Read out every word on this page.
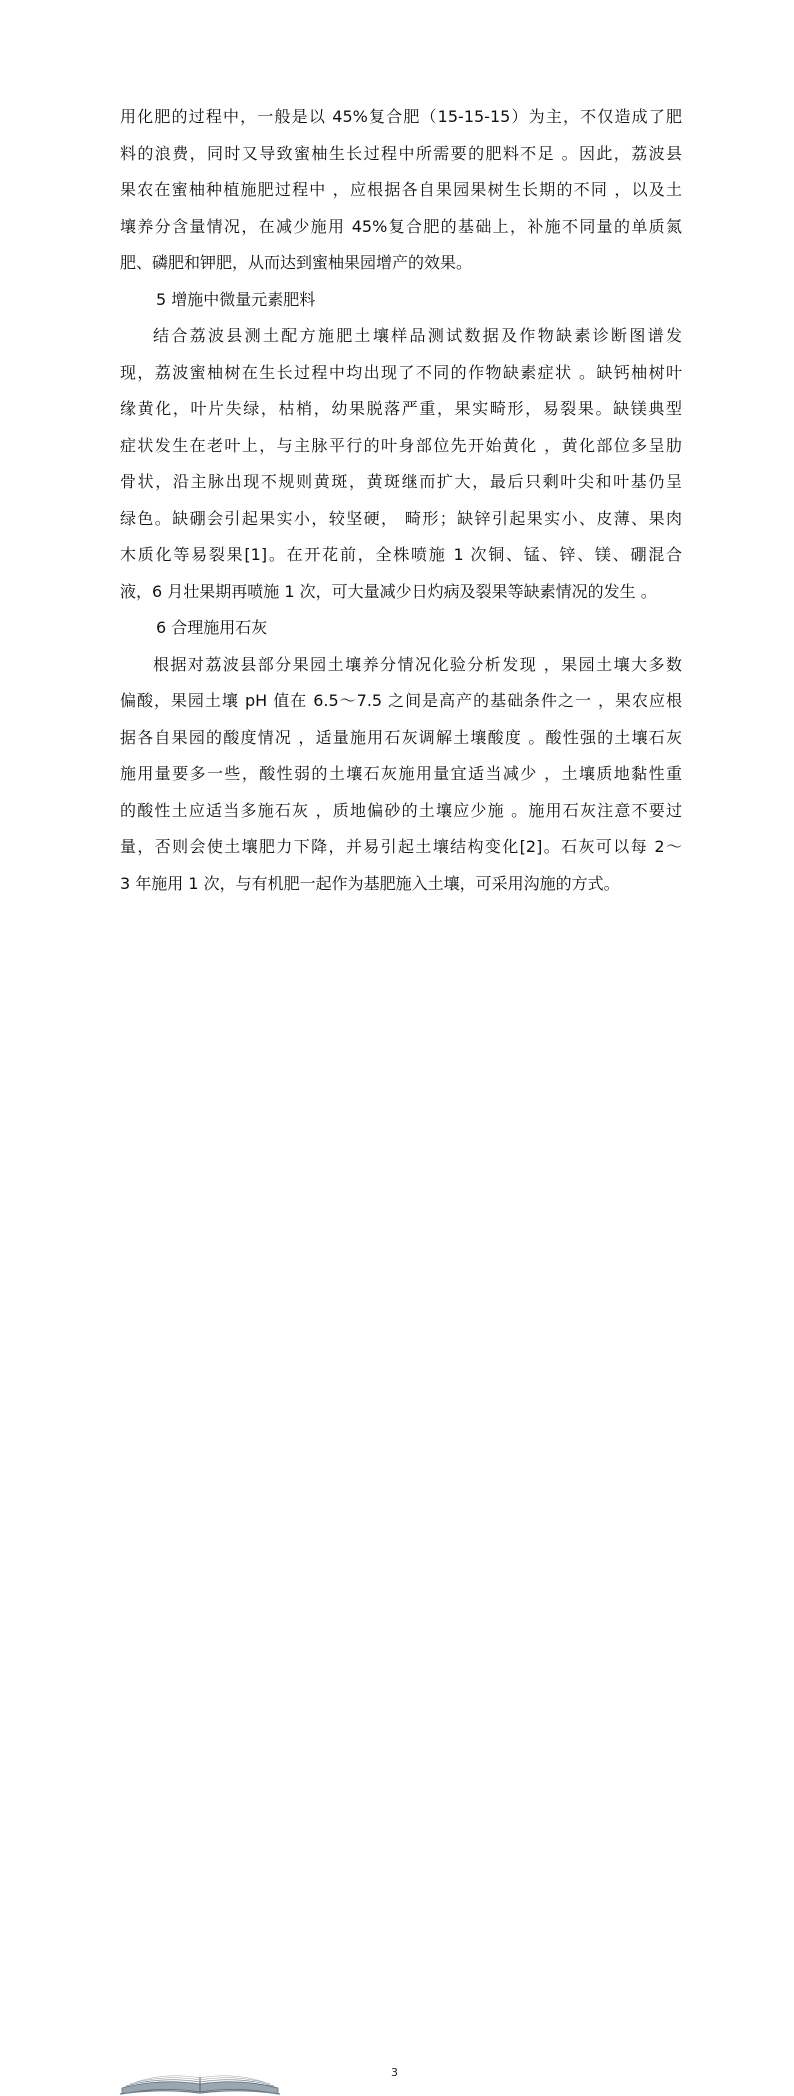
用化肥的过程中，一般是以 45%复合肥（15-15-15）为主，不仅造成了肥
料的浪费，同时又导致蜜柚生长过程中所需要的肥料不足 。因此，荔波县
果农在蜜柚种植施肥过程中 ，应根据各自果园果树生长期的不同 ，以及土
壤养分含量情况，在减少施用 45%复合肥的基础上，补施不同量的单质氮
肥、磷肥和钾肥，从而达到蜜柚果园增产的效果。
5 增施中微量元素肥料
结合荔波县测土配方施肥土壤样品测试数据及作物缺素诊断图谱发
现，荔波蜜柚树在生长过程中均出现了不同的作物缺素症状 。缺钙柚树叶
缘黄化，叶片失绿，枯梢，幼果脱落严重，果实畸形，易裂果。缺镁典型
症状发生在老叶上，与主脉平行的叶身部位先开始黄化 ，黄化部位多呈肋
骨状，沿主脉出现不规则黄斑，黄斑继而扩大，最后只剩叶尖和叶基仍呈
绿色。缺硼会引起果实小，较坚硬， 畸形；缺锌引起果实小、皮薄、果肉
木质化等易裂果[1]。在开花前，全株喷施 1 次铜、锰、锌、镁、硼混合
液，6 月壮果期再喷施 1 次，可大量减少日灼病及裂果等缺素情况的发生 。
6 合理施用石灰
根据对荔波县部分果园土壤养分情况化验分析发现 ，果园土壤大多数
偏酸，果园土壤 pH 值在 6.5～7.5 之间是高产的基础条件之一 ，果农应根
据各自果园的酸度情况 ，适量施用石灰调解土壤酸度 。酸性强的土壤石灰
施用量要多一些，酸性弱的土壤石灰施用量宜适当减少 ，土壤质地黏性重
的酸性土应适当多施石灰 ，质地偏砂的土壤应少施 。施用石灰注意不要过
量，否则会使土壤肥力下降，并易引起土壤结构变化[2]。石灰可以每 2～
3 年施用 1 次，与有机肥一起作为基肥施入土壤，可采用沟施的方式。
3
